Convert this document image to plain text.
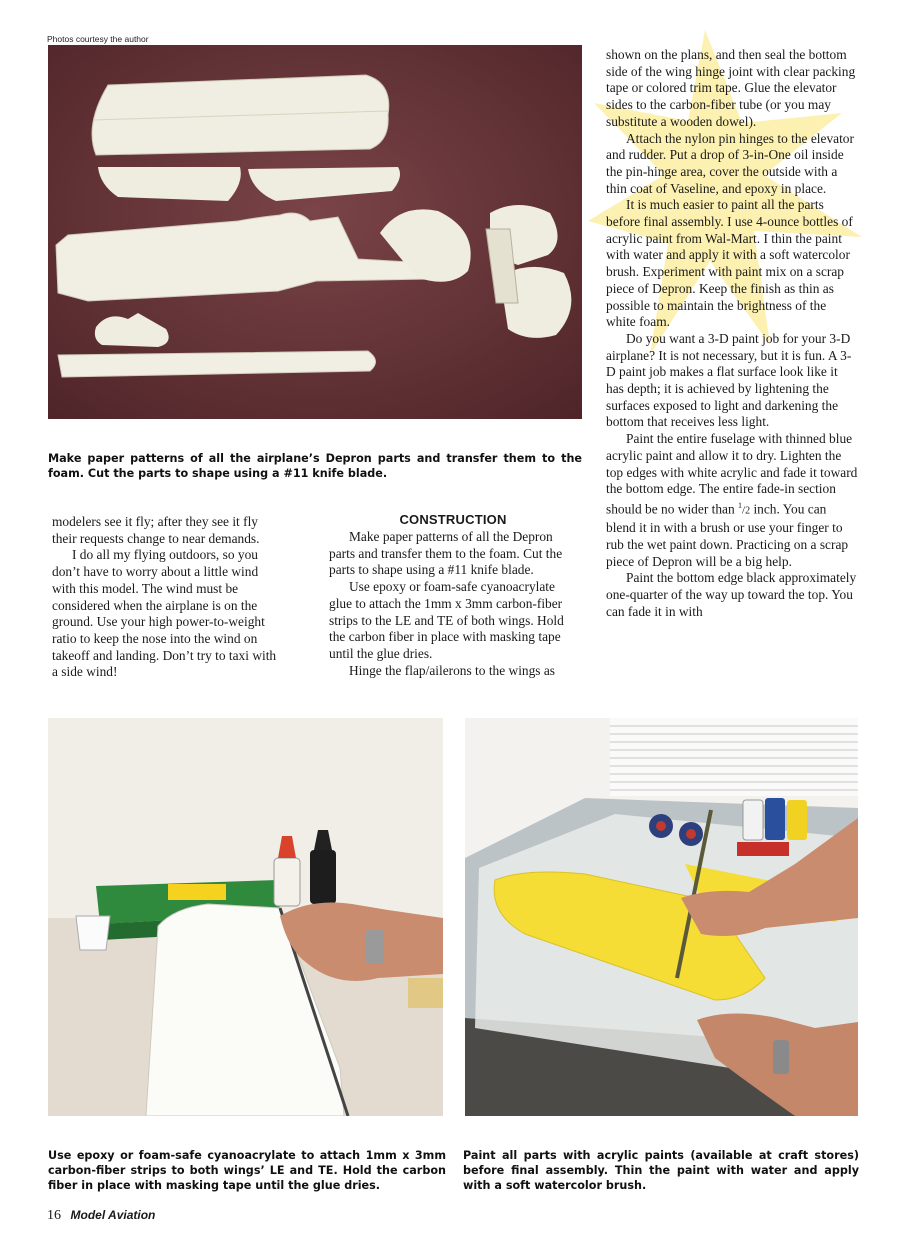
Photos courtesy the author
Make paper patterns of all the airplane’s Depron parts and transfer them to the foam. Cut the parts to shape using a #11 knife blade.

modelers see it fly; after they see it fly their requests change to near demands.

I do all my flying outdoors, so you don’t have to worry about a little wind with this model. The wind must be considered when the airplane is on the ground. Use your high power-to-weight ratio to keep the nose into the wind on takeoff and landing. Don’t try to taxi with a side wind!

CONSTRUCTION

Make paper patterns of all the Depron parts and transfer them to the foam. Cut the parts to shape using a #11 knife blade.

Use epoxy or foam-safe cyanoacrylate glue to attach the 1mm x 3mm carbon-fiber strips to the LE and TE of both wings. Hold the carbon fiber in place with masking tape until the glue dries.

Hinge the flap/ailerons to the wings as

shown on the plans, and then seal the bottom side of the wing hinge joint with clear packing tape or colored trim tape. Glue the elevator sides to the carbon-fiber tube (or you may substitute a wooden dowel).

Attach the nylon pin hinges to the elevator and rudder. Put a drop of 3-in-One oil inside the pin-hinge area, cover the outside with a thin coat of Vaseline, and epoxy in place.

It is much easier to paint all the parts before final assembly. I use 4-ounce bottles of acrylic paint from Wal-Mart. I thin the paint with water and apply it with a soft watercolor brush. Experiment with paint mix on a scrap piece of Depron. Keep the finish as thin as possible to maintain the brightness of the white foam.

Do you want a 3-D paint job for your 3-D airplane? It is not necessary, but it is fun. A 3-D paint job makes a flat surface look like it has depth; it is achieved by lightening the surfaces exposed to light and darkening the bottom that receives less light.

Paint the entire fuselage with thinned blue acrylic paint and allow it to dry. Lighten the top edges with white acrylic and fade it toward the bottom edge. The entire fade-in section should be no wider than $^1$/2 inch. You can blend it in with a brush or use your finger to rub the wet paint down. Practicing on a scrap piece of Depron will be a big help.

Paint the bottom edge black approximately one-quarter of the way up toward the top. You can fade it in with

Use epoxy or foam-safe cyanoacrylate to attach 1mm x 3mm carbon-fiber strips to both wings’ LE and TE. Hold the carbon fiber in place with masking tape until the glue dries.
Paint all parts with acrylic paints (available at craft stores) before final assembly. Thin the paint with water and apply with a soft watercolor brush.
16 Model Aviation
